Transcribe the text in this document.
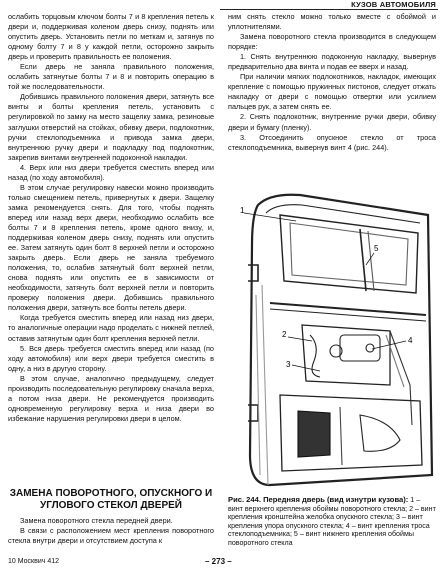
КУЗОВ АВТОМОБИЛЯ

ослабить торцовым ключом болты 7 и 8 крепления петель к двери и, поддерживая коленом дверь снизу, поднять или опустить дверь. Установить петли по меткам и, затянув по одному болту 7 и 8 у каждой петли, осторожно закрыть дверь и проверить правильность ее положения.

Если дверь не заняла правильного положения, ослабить затянутые болты 7 и 8 и повторить операцию в той же последовательности.

Добившись правильного положения двери, затянуть все винты и болты крепления петель, установить с регулировкой по замку на место защелку замка, резиновые заглушки отверстий на стойках, обивку двери, подлокотник, ручки стеклоподъемника и привода замка двери, внутреннюю ручку двери и подкладку под подлокотник, закрепив винтами внутренней подоконной накладки.

4. Верх или низ двери требуется сместить вперед или назад (по ходу автомобиля).

В этом случае регулировку навески можно производить только смещением петель, привернутых к двери. Защелку замка рекомендуется снять. Для того, чтобы поднять вперед или назад верх двери, необходимо ослабить все болты 7 и 8 крепления петель, кроме одного внизу, и, поддерживая коленом дверь снизу, поднять или опустить ее. Затем затянуть один болт 8 верхней петли и осторожно закрыть дверь. Если дверь не заняла требуемого положения, то, ослабив затянутый болт верхней петли, снова поднять или опустить ее в зависимости от необходимости, затянуть болт верхней петли и повторить проверку положения двери. Добившись правильного положения двери, затянуть все болты петель двери.

Когда требуется сместить вперед или назад низ двери, то аналогичные операции надо проделать с нижней петлей, оставив затянутым один болт крепления верхней петли.

5. Вся дверь требуется сместить вперед или назад (по ходу автомобиля) или верх двери требуется сместить в одну, а низ в другую сторону.

В этом случае, аналогично предыдущему, следует производить последовательную регулировку сначала верха, а потом низа двери. Не рекомендуется производить одновременную регулировку верха и низа двери во избежание нарушения регулировки двери в целом.

ЗАМЕНА ПОВОРОТНОГО, ОПУСКНОГО И УГЛОВОГО СТЕКОЛ ДВЕРЕЙ

Замена поворотного стекла передней двери.

В связи с расположением мест крепления поворотного стекла внутри двери и отсутствием доступа к

ним снять стекло можно только вместе с обоймой и уплотнителями.

Замена поворотного стекла производится в следующем порядке:

1. Снять внутреннюю подоконную накладку, вывернув предварительно два винта и подав ее вверх и назад.

При наличии мягких подлокотников, накладок, имеющих крепление с помощью пружинных пистонов, следует отжать накладку от двери с помощью отвертки или усилием пальцев рук, а затем снять ее.

2. Снять подлокотник, внутренние ручки двери, обивку двери и бумагу (пленку).

3. Отсоединить опускное стекло от троса стеклоподъемника, вывернув винт 4 (рис. 244).

1
2
3
4
5
Рис. 244. Передняя дверь (вид изнутри кузова): 1 – винт верхнего крепления обоймы поворотного стекла; 2 – винт крепления кронштейна желобка опускного стекла; 3 – винт крепления упора опускного стекла; 4 – винт крепления троса стеклоподъемника; 5 – винт нижнего крепления обоймы поворотного стекла
10 Москвич 412	– 273 –
